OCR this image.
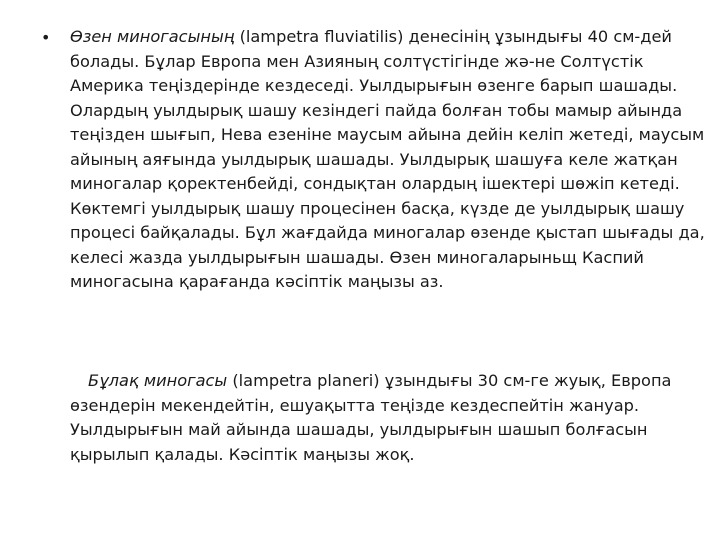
• Өзен миногасының (lampetra fluviatilis) денесінің ұзындығы 40 см-дей болады. Бұлар Европа мен Азияның солтүстігінде жә-не Солтүстік Америка теңіздерінде кездеседі. Уылдырығын өзенге барып шашады. Олардың уылдырық шашу кезіндегі пайда болған тобы мамыр айында теңізден шығып, Нева езеніне маусым айына дейін келіп жетеді, маусым айының аяғында уылдырық шашады. Уылдырық шашуға келе жатқан миногалар қоректенбейді, сондықтан олардың ішектері шөжіп кетеді. Көктемгі уылдырық шашу процесінен басқа, күзде де уылдырық шашу процесі байқалады. Бұл жағдайда миногалар өзенде қыстап шығады да, келесі жазда уылдырығын шашады. Өзен миногаларыньщ Каспий миногасына қарағанда кәсіптік маңызы аз.

Бұлақ миногасы (lampetra planeri) ұзындығы 30 см-ге жуық, Европа өзендерін мекендейтін, ешуақытта теңізде кездеспейтін жануар. Уылдырығын май айында шашады, уылдырығын шашып болғасын қырылып қалады. Кәсіптік маңызы жоқ.
